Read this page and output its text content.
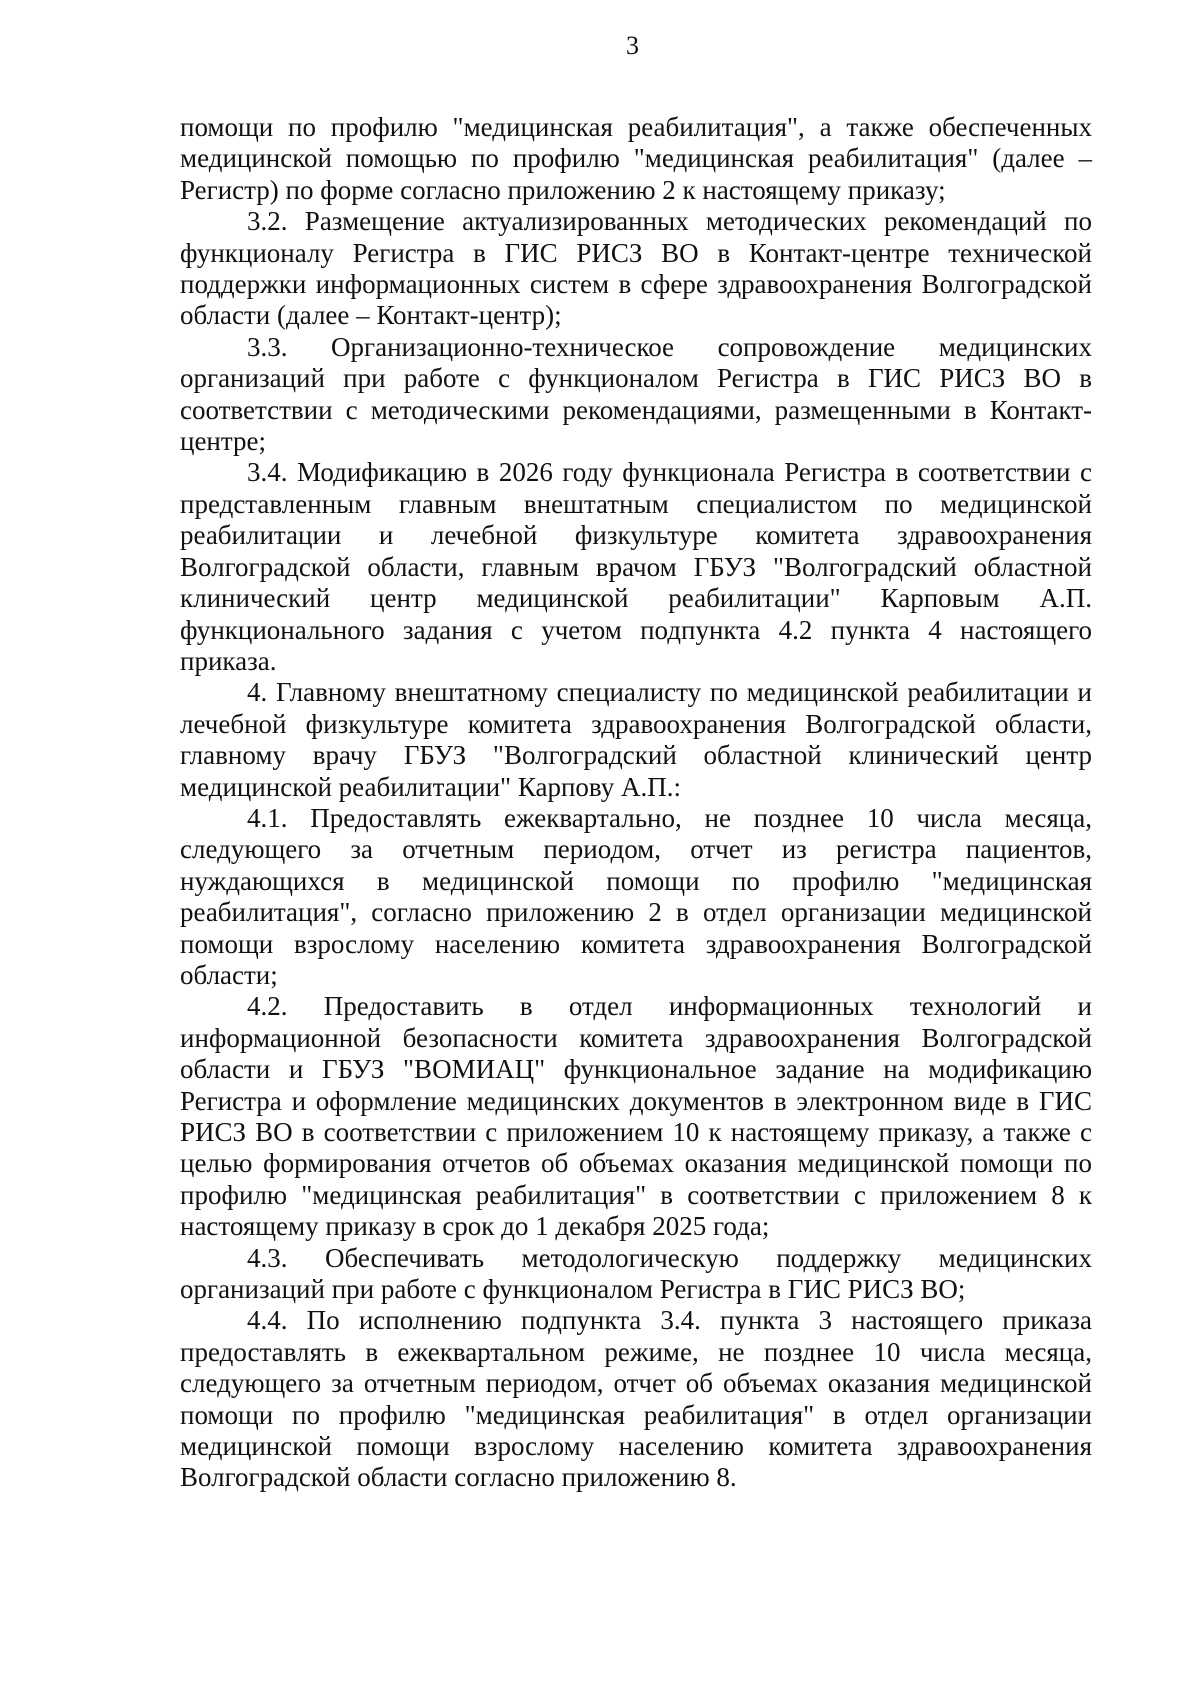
3

помощи по профилю "медицинская реабилитация", а также обеспеченных медицинской помощью по профилю "медицинская реабилитация" (далее – Регистр) по форме согласно приложению 2 к настоящему приказу;

3.2. Размещение актуализированных методических рекомендаций по функционалу Регистра в ГИС РИСЗ ВО в Контакт-центре технической поддержки информационных систем в сфере здравоохранения Волгоградской области (далее – Контакт-центр);

3.3. Организационно-техническое сопровождение медицинских организаций при работе с функционалом Регистра в ГИС РИСЗ ВО в соответствии с методическими рекомендациями, размещенными в Контакт-центре;

3.4. Модификацию в 2026 году функционала Регистра в соответствии с представленным главным внештатным специалистом по медицинской реабилитации и лечебной физкультуре комитета здравоохранения Волгоградской области, главным врачом ГБУЗ "Волгоградский областной клинический центр медицинской реабилитации" Карповым А.П. функционального задания с учетом подпункта 4.2 пункта 4 настоящего приказа.

4. Главному внештатному специалисту по медицинской реабилитации и лечебной физкультуре комитета здравоохранения Волгоградской области, главному врачу ГБУЗ "Волгоградский областной клинический центр медицинской реабилитации" Карпову А.П.:

4.1. Предоставлять ежеквартально, не позднее 10 числа месяца, следующего за отчетным периодом, отчет из регистра пациентов, нуждающихся в медицинской помощи по профилю "медицинская реабилитация", согласно приложению 2 в отдел организации медицинской помощи взрослому населению комитета здравоохранения Волгоградской области;

4.2. Предоставить в отдел информационных технологий и информационной безопасности комитета здравоохранения Волгоградской области и ГБУЗ "ВОМИАЦ" функциональное задание на модификацию Регистра и оформление медицинских документов в электронном виде в ГИС РИСЗ ВО в соответствии с приложением 10 к настоящему приказу, а также с целью формирования отчетов об объемах оказания медицинской помощи по профилю "медицинская реабилитация" в соответствии с приложением 8 к настоящему приказу в срок до 1 декабря 2025 года;

4.3. Обеспечивать методологическую поддержку медицинских организаций при работе с функционалом Регистра в ГИС РИСЗ ВО;

4.4. По исполнению подпункта 3.4. пункта 3 настоящего приказа предоставлять в ежеквартальном режиме, не позднее 10 числа месяца, следующего за отчетным периодом, отчет об объемах оказания медицинской помощи по профилю "медицинская реабилитация" в отдел организации медицинской помощи взрослому населению комитета здравоохранения Волгоградской области согласно приложению 8.
